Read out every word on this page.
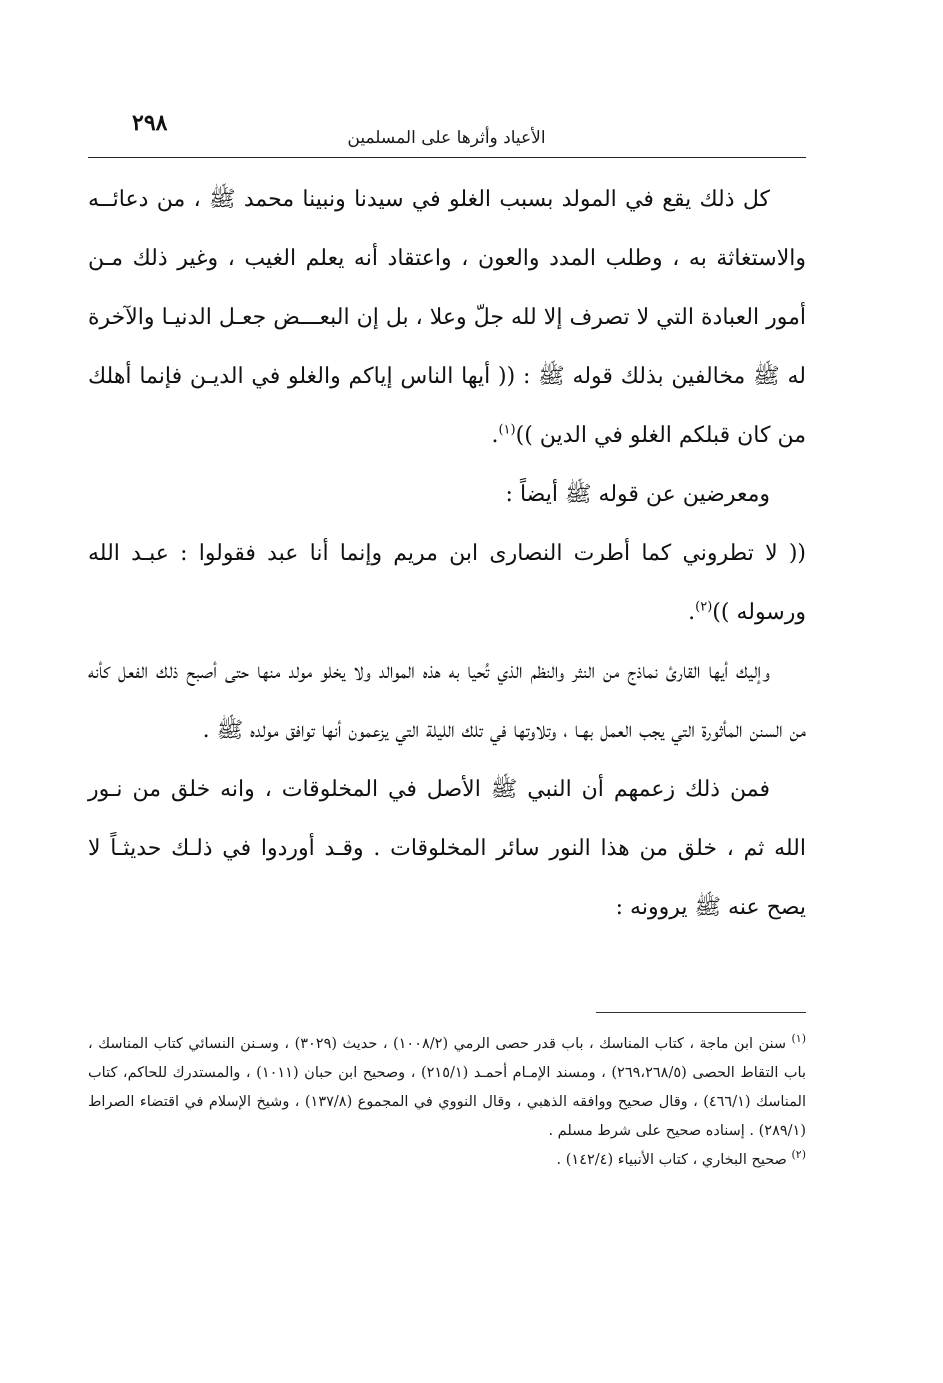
٢٩٨
الأعياد وأثرها على المسلمين

كل ذلك يقع في المولد بسبب الغلو في سيدنا ونبينا محمد ﷺ ، من دعائــه والاستغاثة به ، وطلب المدد والعون ، واعتقاد أنه يعلم الغيب ، وغير ذلك مـن أمور العبادة التي لا تصرف إلا لله جلّ وعلا ، بل إن البعـــض جعـل الدنيـا والآخرة له ﷺ مخالفين بذلك قوله ﷺ : (( أيها الناس إياكم والغلو في الديـن فإنما أهلك من كان قبلكم الغلو في الدين ))$^{(١)}$.

ومعرضين عن قوله ﷺ أيضاً :

(( لا تطروني كما أطرت النصارى ابن مريم وإنما أنا عبد فقولوا : عبـد الله ورسوله ))$^{(٢)}$.

وإليك أيها القارئ نماذج من النثر والنظم الذي تُحيا به هذه الموالد ولا يخلو مولد منها حتى أصبح ذلك الفعل كأنه من السنن المأثورة التي يجب العمل بهـا ، وتلاوتها في تلك الليلة التي يزعمون أنها توافق مولده ﷺ .

فمن ذلك زعمهم أن النبي ﷺ الأصل في المخلوقات ، وانه خلق من نـور الله ثم ، خلق من هذا النور سائر المخلوقات . وقـد أوردوا في ذلـك حديثـاً لا يصح عنه ﷺ يروونه :

$^{(١)}$ سنن ابن ماجة ، كتاب المناسك ، باب قدر حصى الرمي (١٠٠٨/٢) ، حديث (٣٠٢٩) ، وسـنن النسائي كتاب المناسك ، باب التقاط الحصى (٢٦٩،٢٦٨/٥) ، ومسند الإمـام أحمـد (٢١٥/١) ، وصحيح ابن حبان (١٠١١) ، والمستدرك للحاكم، كتاب المناسك (٤٦٦/١) ، وقال صحيح ووافقه الذهبي ، وقال النووي في المجموع (١٣٧/٨) ، وشيخ الإسلام في اقتضاء الصراط (٢٨٩/١) . إسناده صحيح على شرط مسلم .

$^{(٢)}$ صحيح البخاري ، كتاب الأنبياء (١٤٢/٤) .
